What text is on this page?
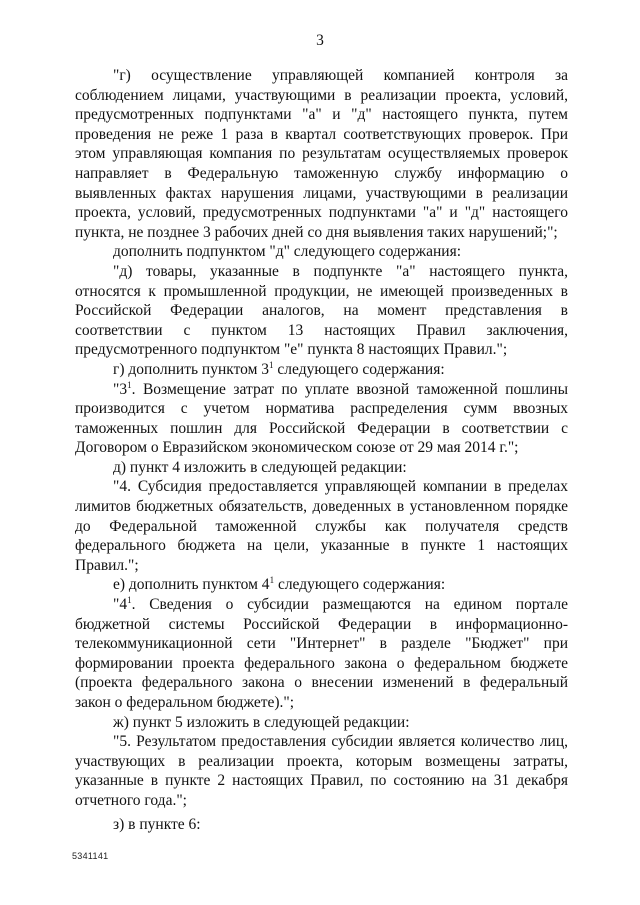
3

"г) осуществление управляющей компанией контроля за соблюдением лицами, участвующими в реализации проекта, условий, предусмотренных подпунктами "а" и "д" настоящего пункта, путем проведения не реже 1 раза в квартал соответствующих проверок. При этом управляющая компания по результатам осуществляемых проверок направляет в Федеральную таможенную службу информацию о выявленных фактах нарушения лицами, участвующими в реализации проекта, условий, предусмотренных подпунктами "а" и "д" настоящего пункта, не позднее 3 рабочих дней со дня выявления таких нарушений;";

дополнить подпунктом "д" следующего содержания:

"д) товары, указанные в подпункте "а" настоящего пункта, относятся к промышленной продукции, не имеющей произведенных в Российской Федерации аналогов, на момент представления в соответствии с пунктом 13 настоящих Правил заключения, предусмотренного подпунктом "е" пункта 8 настоящих Правил.";

г) дополнить пунктом $3^1$ следующего содержания:

"$3^1$. Возмещение затрат по уплате ввозной таможенной пошлины производится с учетом норматива распределения сумм ввозных таможенных пошлин для Российской Федерации в соответствии с Договором о Евразийском экономическом союзе от 29 мая 2014 г.";

д) пункт 4 изложить в следующей редакции:

"4. Субсидия предоставляется управляющей компании в пределах лимитов бюджетных обязательств, доведенных в установленном порядке до Федеральной таможенной службы как получателя средств федерального бюджета на цели, указанные в пункте 1 настоящих Правил.";

е) дополнить пунктом $4^1$ следующего содержания:

"$4^1$. Сведения о субсидии размещаются на едином портале бюджетной системы Российской Федерации в информационно-телекоммуникационной сети "Интернет" в разделе "Бюджет" при формировании проекта федерального закона о федеральном бюджете (проекта федерального закона о внесении изменений в федеральный закон о федеральном бюджете).";

ж) пункт 5 изложить в следующей редакции:

"5. Результатом предоставления субсидии является количество лиц, участвующих в реализации проекта, которым возмещены затраты, указанные в пункте 2 настоящих Правил, по состоянию на 31 декабря отчетного года.";

з) в пункте 6:

5341141
